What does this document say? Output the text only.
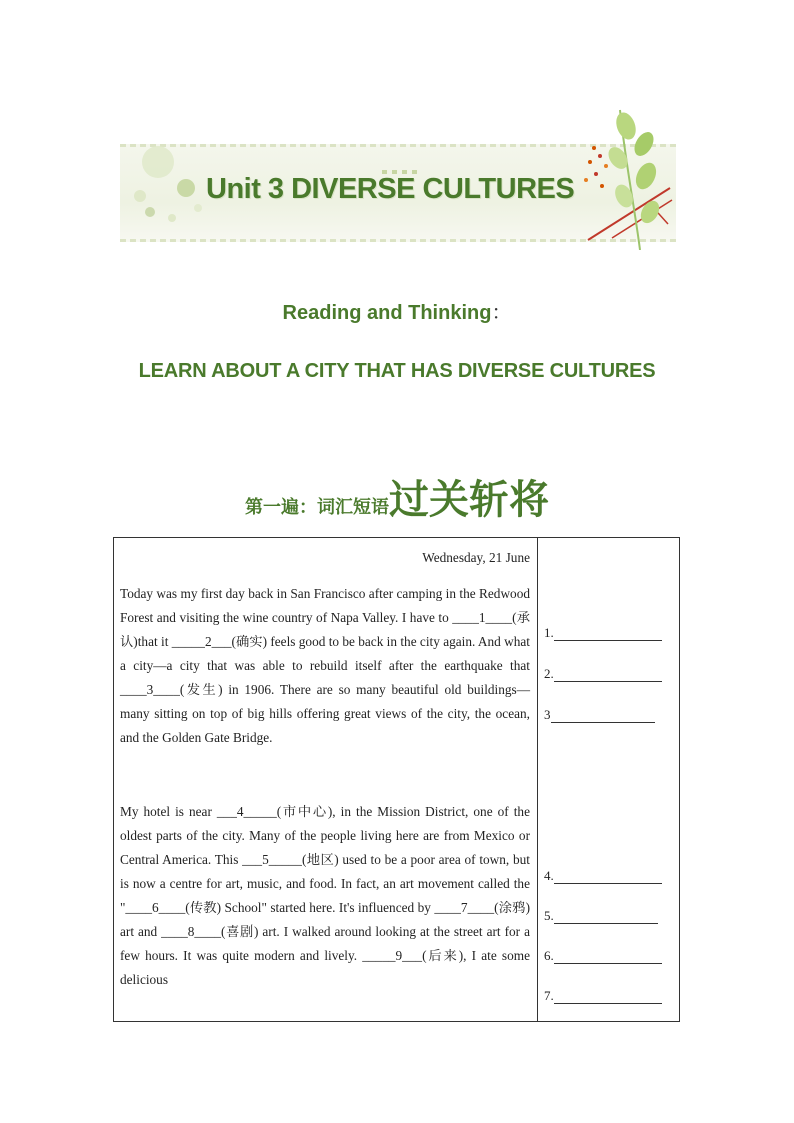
Unit 3 DIVERSE CULTURES
Reading and Thinking：
LEARN ABOUT A CITY THAT HAS DIVERSE CULTURES
第一遍：词汇短语过关斩将
Wednesday, 21 June

Today was my first day back in San Francisco after camping in the Redwood Forest and visiting the wine country of Napa Valley. I have to ____1____(承认)that it _____2___(确实) feels good to be back in the city again. And what a city—a city that was able to rebuild itself after the earthquake that ____3____(发生) in 1906. There are so many beautiful old buildings—many sitting on top of big hills offering great views of the city, the ocean, and the Golden Gate Bridge.

My hotel is near ___4_____(市中心), in the Mission District, one of the oldest parts of the city. Many of the people living here are from Mexico or Central America. This ___5_____(地区) used to be a poor area of town, but is now a centre for art, music, and food. In fact, an art movement called the "____6____(传教) School" started here. It's influenced by ____7____(涂鸦) art and ____8____(喜剧) art. I walked around looking at the street art for a few hours. It was quite modern and lively. _____9___(后来), I ate some delicious

1.
2.
3
4.
5.
6.
7.
